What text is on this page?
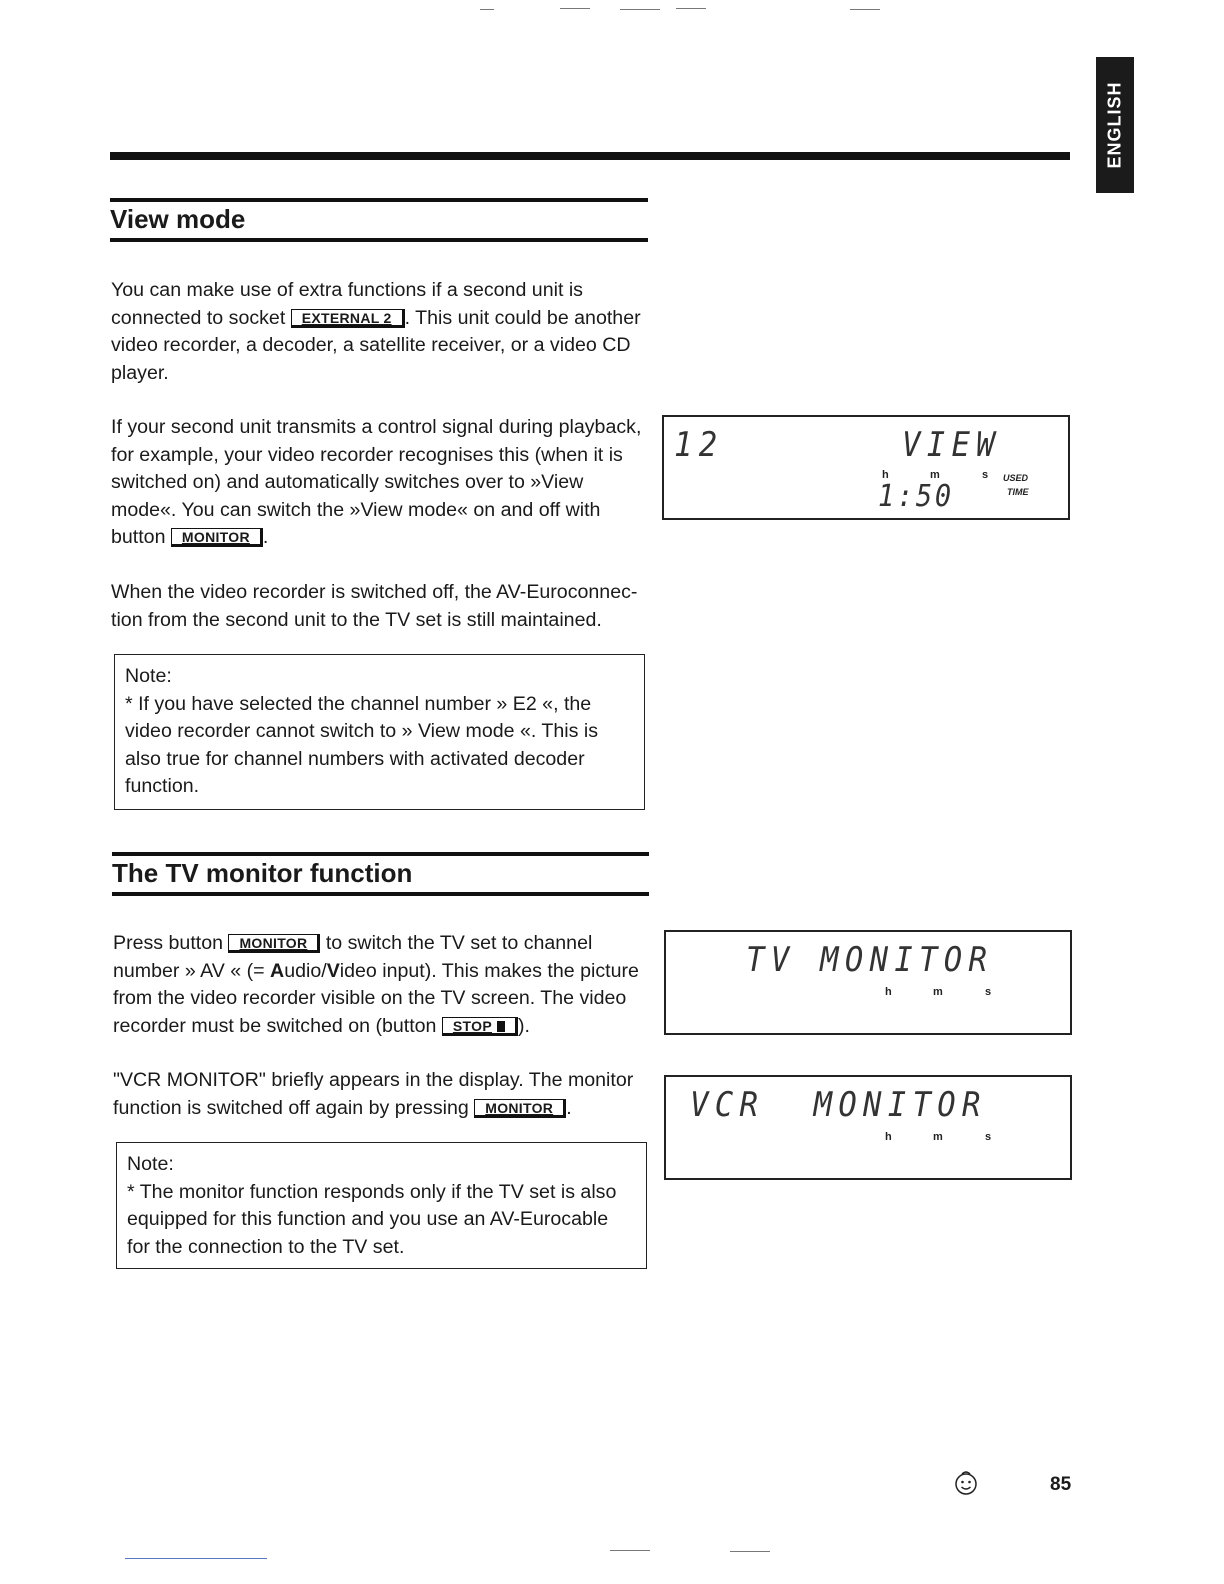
ENGLISH
View mode

You can make use of extra functions if a second unit is connected to socket EXTERNAL 2 . This unit could be another video recorder, a decoder, a satellite receiver, or a video CD player.

If your second unit transmits a control signal during playback, for example, your video recorder recognises this (when it is switched on) and automatically switches over to »View mode«. You can switch the »View mode« on and off with button MONITOR .

When the video recorder is switched off, the AV-Euroconnection from the second unit to the TV set is still maintained.

Note:
* If you have selected the channel number » E2 «, the video recorder cannot switch to » View mode «. This is also true for channel numbers with activated decoder function.
12	VIEW
h	m	s USED
TIME
1:50
The TV monitor function

Press button MONITOR to switch the TV set to channel number » AV « (= Audio/Video input). This makes the picture from the video recorder visible on the TV screen. The video recorder must be switched on (button STOP ).

"VCR MONITOR" briefly appears in the display. The monitor function is switched off again by pressing MONITOR .

Note:
* The monitor function responds only if the TV set is also equipped for this function and you use an AV-Eurocable for the connection to the TV set.
TV MONITOR
h	m	s
VCR  MONITOR
h	m	s
85
